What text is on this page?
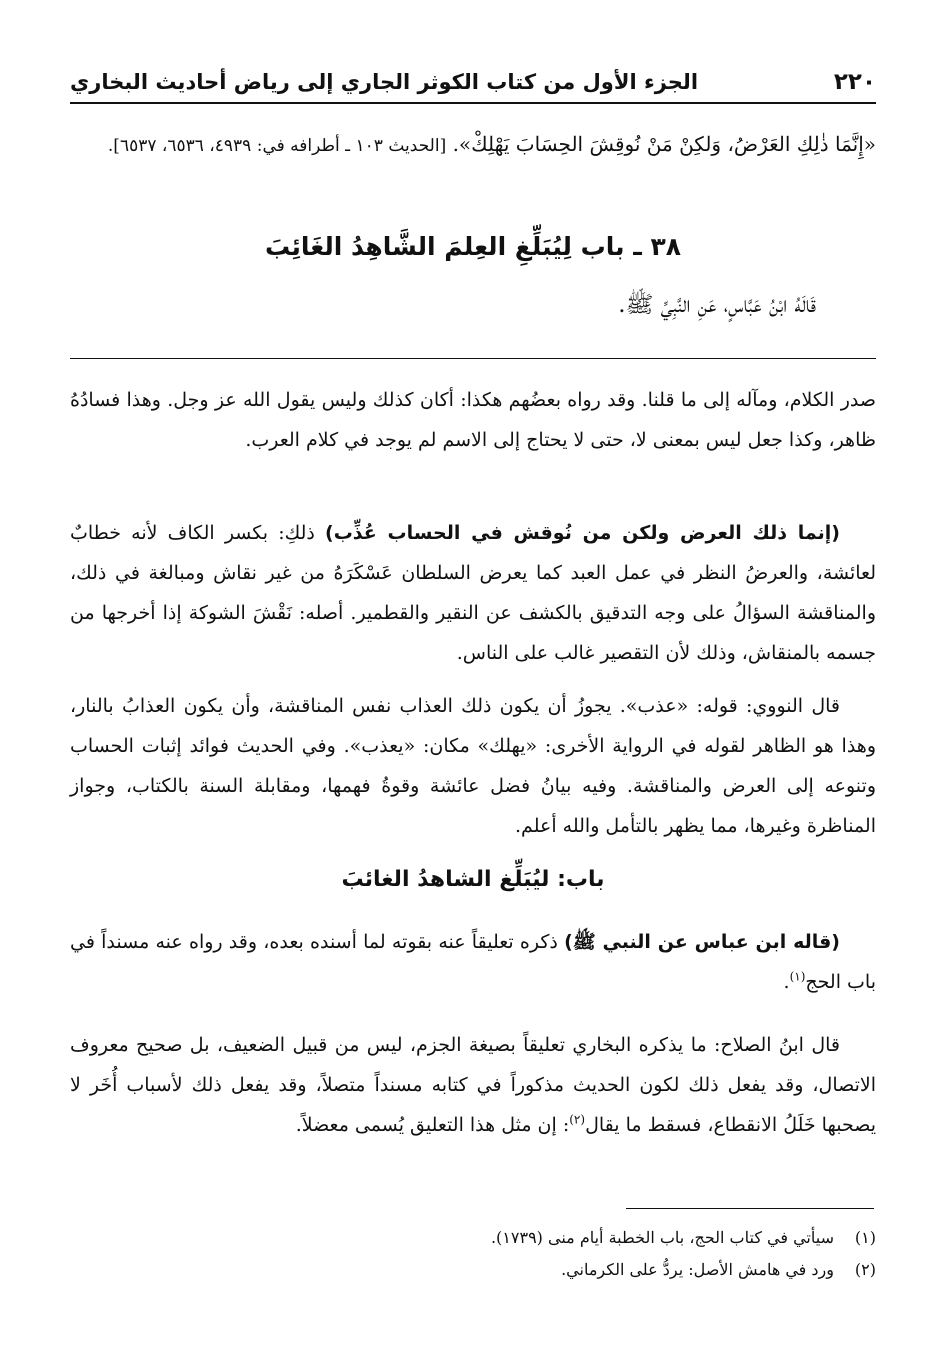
٢٢٠
الجزء الأول من كتاب الكوثر الجاري إلى رياض أحاديث البخاري
«إِنَّمَا ذٰلِكِ العَرْضُ، وَلكِنْ مَنْ نُوقِشَ الحِسَابَ يَهْلِكْ». [الحديث ١٠٣ ـ أطرافه في: ٤٩٣٩، ٦٥٣٦، ٦٥٣٧].
٣٨ ـ باب لِيُبَلِّغِ العِلمَ الشَّاهِدُ الغَائِبَ
قَالَهُ ابْنُ عَبَّاسٍ، عَنِ النَّبِيِّ ﷺ.
صدر الكلام، ومآله إلى ما قلنا. وقد رواه بعضُهم هكذا: أكان كذلك وليس يقول الله عز وجل. وهذا فسادُهُ ظاهر، وكذا جعل ليس بمعنى لا، حتى لا يحتاج إلى الاسم لم يوجد في كلام العرب.
(إنما ذلك العرض ولكن من نُوقش في الحساب عُذِّب) ذلكِ: بكسر الكاف لأنه خطابٌ لعائشة، والعرضُ النظر في عمل العبد كما يعرض السلطان عَسْكَرَهُ من غير نقاش ومبالغة في ذلك، والمناقشة السؤالُ على وجه التدقيق بالكشف عن النقير والقطمير. أصله: نَقْشَ الشوكة إذا أخرجها من جسمه بالمنقاش، وذلك لأن التقصير غالب على الناس.
قال النووي: قوله: «عذب». يجوزُ أن يكون ذلك العذاب نفس المناقشة، وأن يكون العذابُ بالنار، وهذا هو الظاهر لقوله في الرواية الأخرى: «يهلك» مكان: «يعذب». وفي الحديث فوائد إثبات الحساب وتنوعه إلى العرض والمناقشة. وفيه بيانُ فضل عائشة وقوةُ فهمها، ومقابلة السنة بالكتاب، وجواز المناظرة وغيرها، مما يظهر بالتأمل والله أعلم.
باب: ليُبَلِّغ الشاهدُ الغائبَ
(قاله ابن عباس عن النبي ﷺ) ذكره تعليقاً عنه بقوته لما أسنده بعده، وقد رواه عنه مسنداً في باب الحج$^{(١)}$.
قال ابنُ الصلاح: ما يذكره البخاري تعليقاً بصيغة الجزم، ليس من قبيل الضعيف، بل صحيح معروف الاتصال، وقد يفعل ذلك لكون الحديث مذكوراً في كتابه مسنداً متصلاً، وقد يفعل ذلك لأسباب أُخَر لا يصحبها خَلَلُ الانقطاع، فسقط ما يقال$^{(٢)}$: إن مثل هذا التعليق يُسمى معضلاً.
(١)
سيأتي في كتاب الحج، باب الخطبة أيام منى (١٧٣٩).
(٢)
ورد في هامش الأصل: يردُّ على الكرماني.
